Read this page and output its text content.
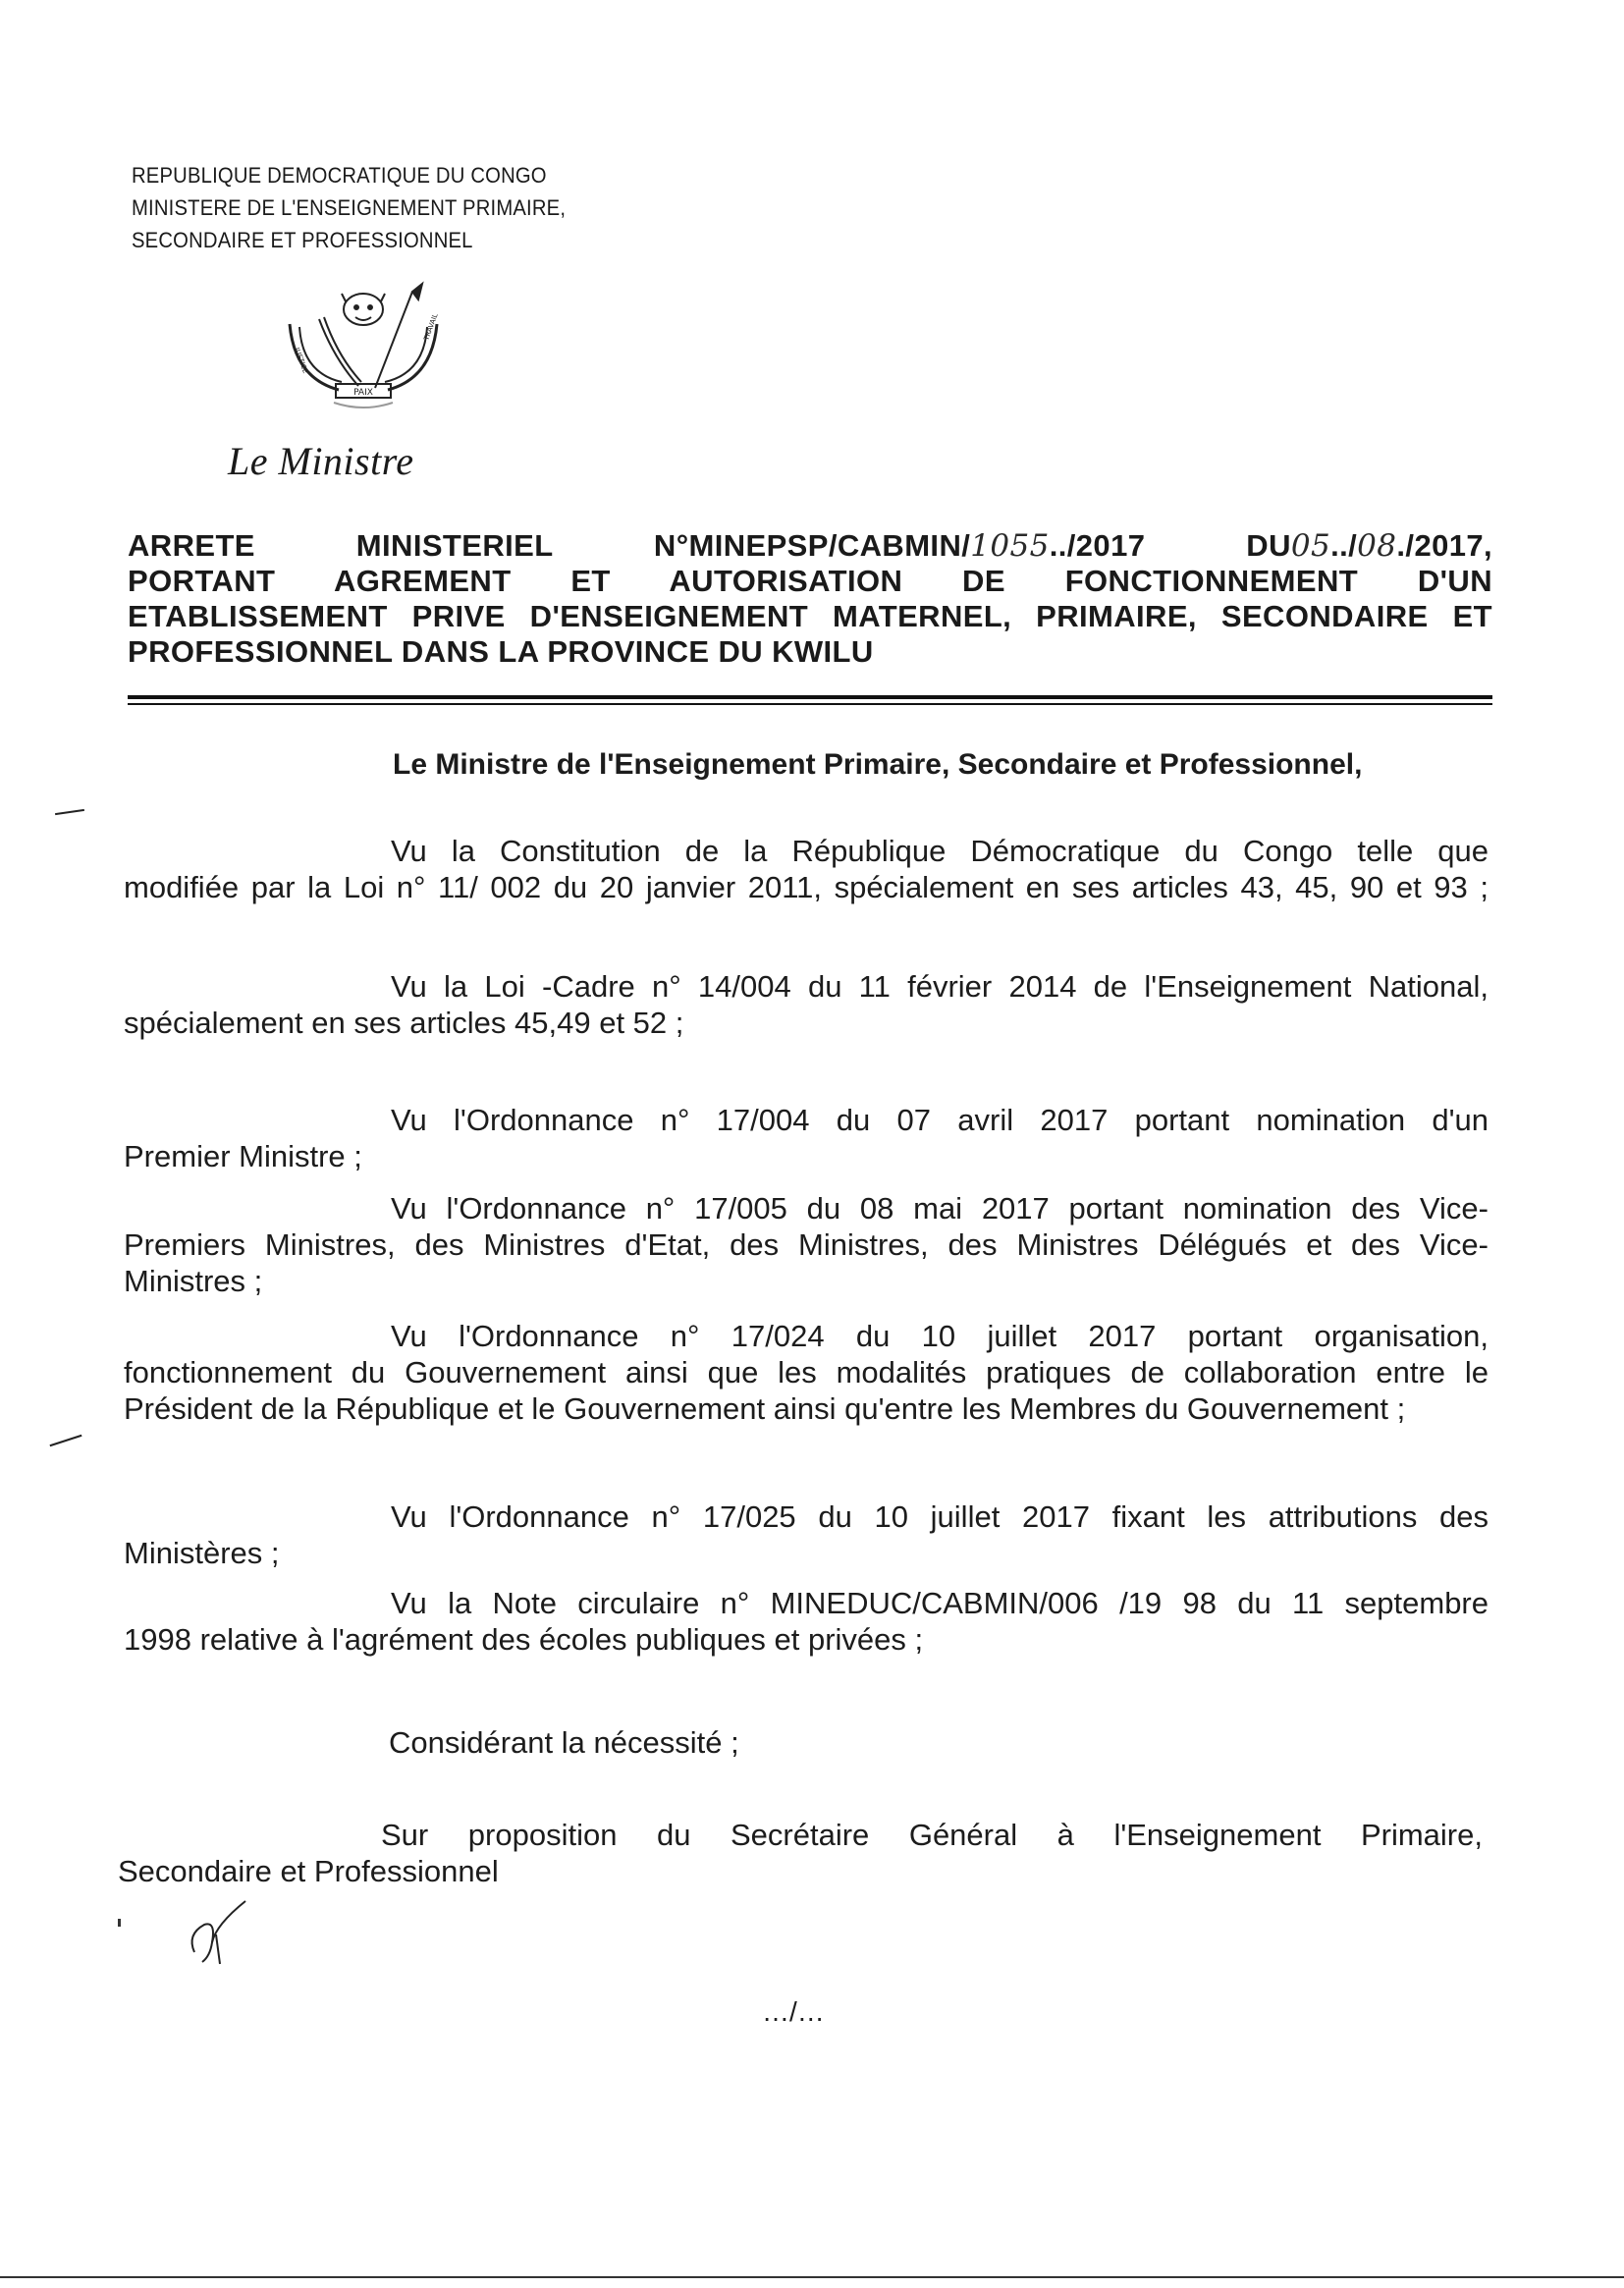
REPUBLIQUE DEMOCRATIQUE DU CONGO
MINISTERE DE L'ENSEIGNEMENT PRIMAIRE,
SECONDAIRE ET PROFESSIONNEL
PAIX
JUSTICE
TRAVAIL
Le Ministre
ARRETE	MINISTERIEL	N°MINEPSP/CABMIN/1055../2017	DU05../08./2017,
PORTANT AGREMENT ET AUTORISATION DE FONCTIONNEMENT D'UN
ETABLISSEMENT PRIVE D'ENSEIGNEMENT MATERNEL, PRIMAIRE, SECONDAIRE ET
PROFESSIONNEL DANS LA PROVINCE DU KWILU
Le Ministre de l'Enseignement Primaire, Secondaire et Professionnel,
Vu la Constitution de la République Démocratique du Congo telle que
modifiée par la Loi n° 11/ 002 du 20 janvier 2011, spécialement en ses articles 43, 45, 90 et 93 ;
Vu la Loi -Cadre n° 14/004 du 11 février 2014 de l'Enseignement National,
spécialement en ses articles 45,49 et 52 ;
Vu l'Ordonnance n° 17/004 du 07 avril 2017 portant nomination d'un
Premier Ministre ;
Vu l'Ordonnance n° 17/005 du 08 mai 2017 portant nomination des Vice-
Premiers Ministres, des Ministres d'Etat, des Ministres, des Ministres Délégués et des Vice-
Ministres ;
Vu l'Ordonnance n° 17/024 du 10 juillet 2017 portant organisation,
fonctionnement du Gouvernement ainsi que les modalités pratiques de collaboration entre le
Président de la République et le Gouvernement ainsi qu'entre les Membres du Gouvernement ;
Vu l'Ordonnance n° 17/025 du 10 juillet 2017 fixant les attributions des
Ministères ;
Vu la Note circulaire n° MINEDUC/CABMIN/006 /19 98 du 11 septembre
1998 relative à l'agrément des écoles publiques et privées ;
Considérant la nécessité ;
Sur proposition du Secrétaire Général à l'Enseignement Primaire,
Secondaire et Professionnel
…/…
